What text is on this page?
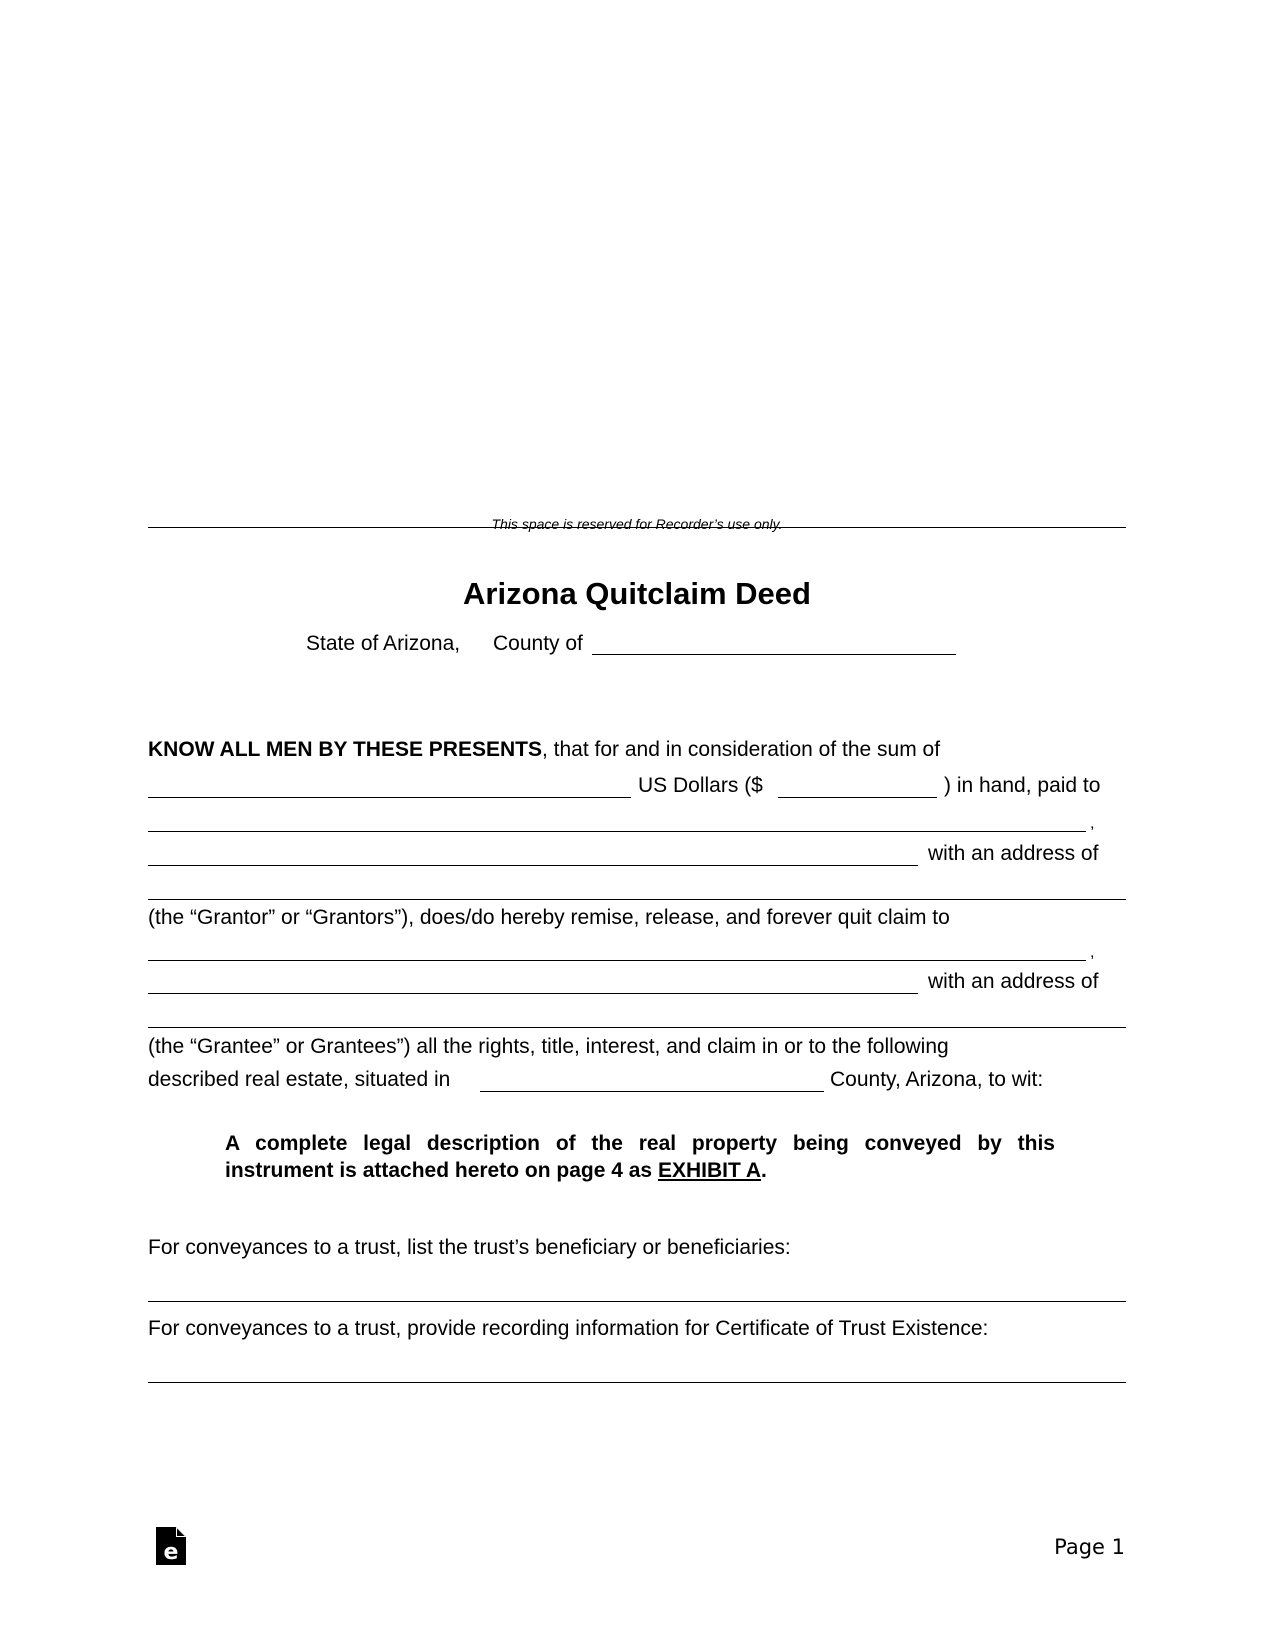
This space is reserved for Recorder’s use only.
Arizona Quitclaim Deed
State of Arizona, County of
KNOW ALL MEN BY THESE PRESENTS, that for and in consideration of the sum of
US Dollars ($	) in hand, paid to
,
with an address of
(the “Grantor” or “Grantors”), does/do hereby remise, release, and forever quit claim to
,
with an address of
(the “Grantee” or Grantees”) all the rights, title, interest, and claim in or to the following
described real estate, situated in	County, Arizona, to wit:
A complete legal description of the real property being conveyed by this
instrument is attached hereto on page 4 as EXHIBIT A.
For conveyances to a trust, list the trust’s beneficiary or beneficiaries:
For conveyances to a trust, provide recording information for Certificate of Trust Existence:
e	Page 1
